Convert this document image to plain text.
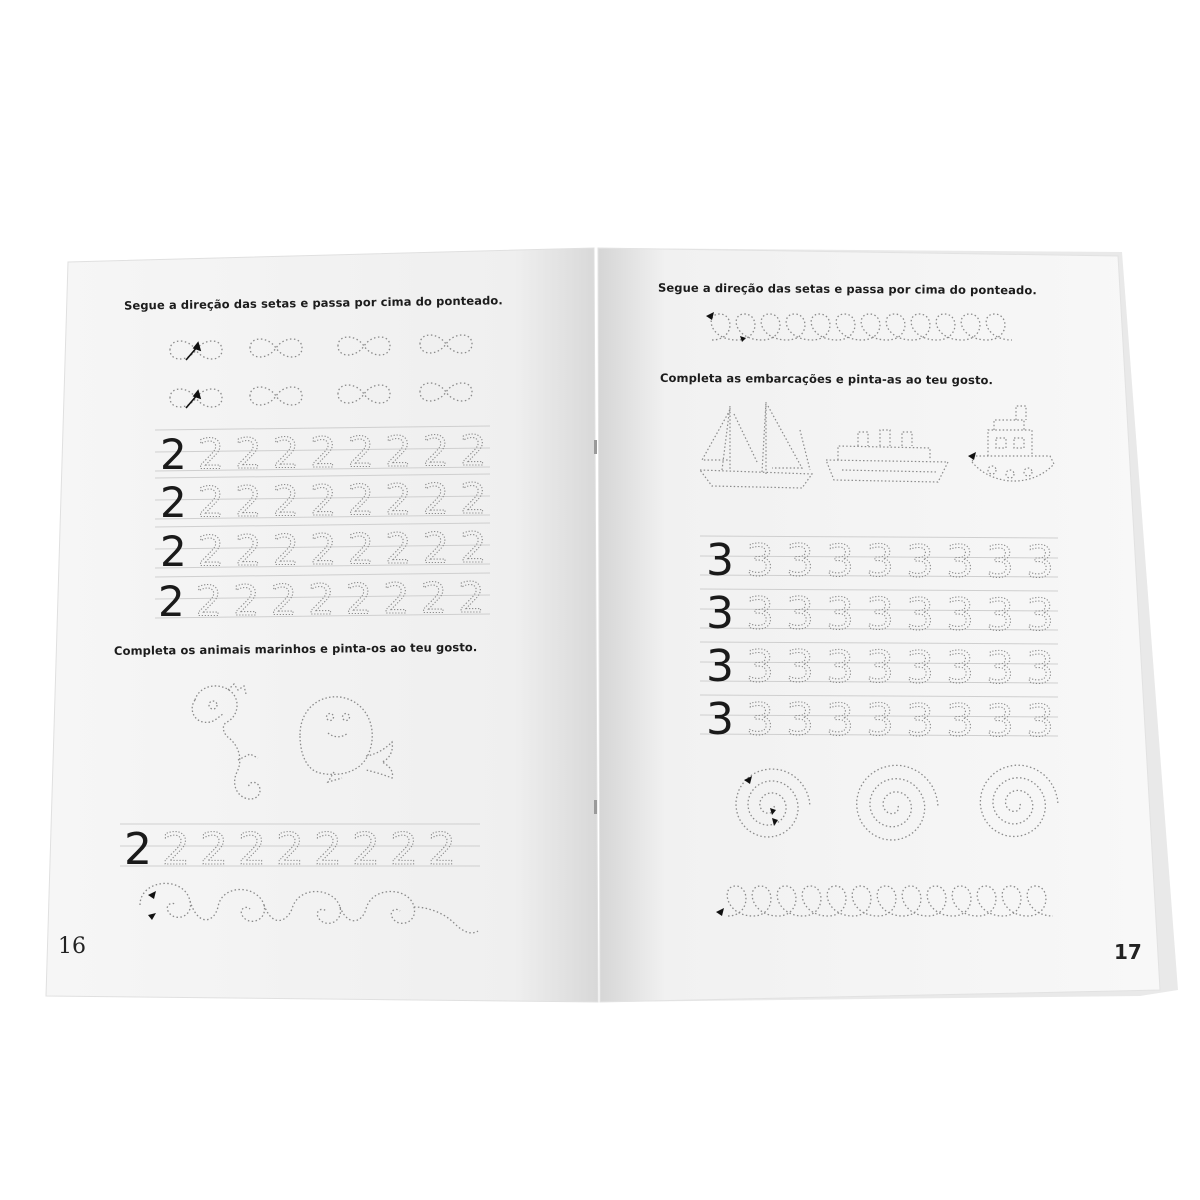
Segue a direção das setas e passa por cima do ponteado.
2 2 2 2 2 2 2 2 2
2 2 2 2 2 2 2 2 2
2 2 2 2 2 2 2 2 2
2 2 2 2 2 2 2 2 2
2 2 2 2 2 2 2 2 2
Completa os animais marinhos e pinta-os ao teu gosto.
16
Segue a direção das setas e passa por cima do ponteado.
Completa as embarcações e pinta-as ao teu gosto.
3 3 3 3 3 3 3 3 3
3 3 3 3 3 3 3 3 3
3 3 3 3 3 3 3 3 3
3 3 3 3 3 3 3 3 3
17
